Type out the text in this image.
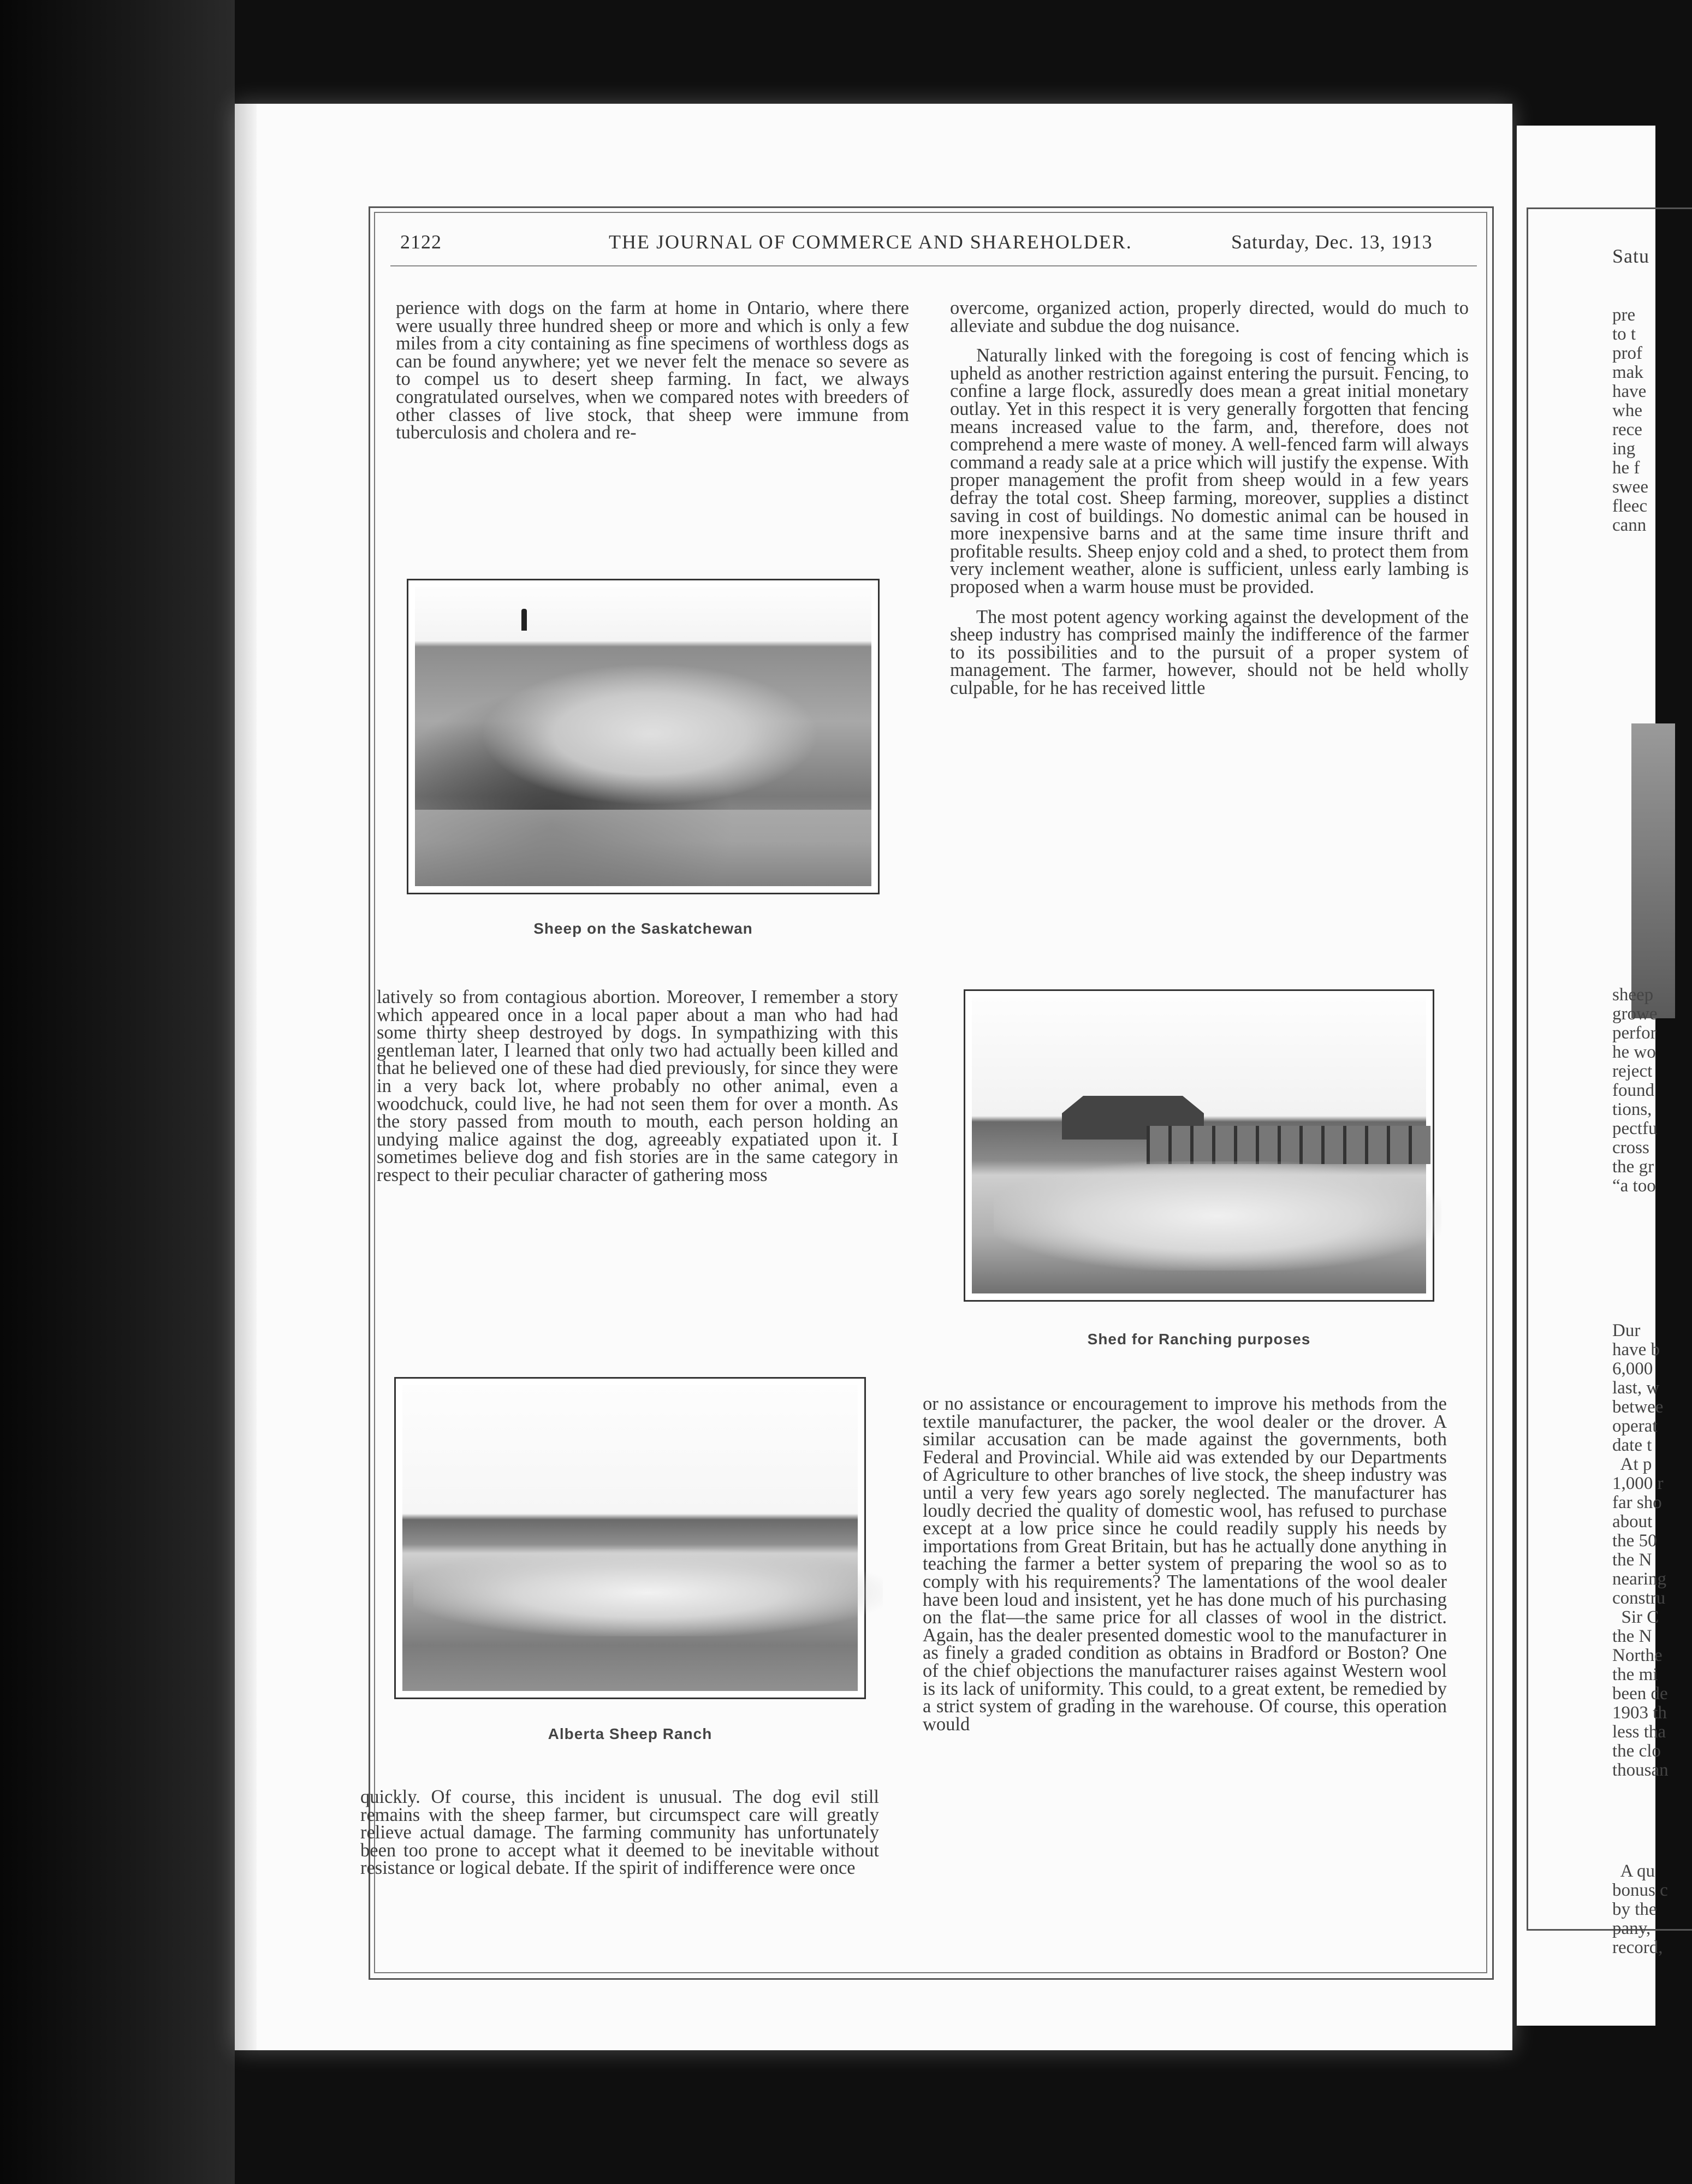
Satu
pre
to t
prof
mak
have
whe
rece
ing
he f
swee
fleec
cann
sheep
growe
perfor
he wo
reject
found
tions,
pectfu
cross
the gr
“a too
Dur
have b
6,000
last, w
betwee
operat
date t
At p
1,000 r
far sho
about
the 50
the N
nearing
constru
Sir C
the N
Northe
the mi
been de
1903 th
less tha
the clo
thousan
A qu
bonus c
by the
pany,
record,
2122	THE JOURNAL OF COMMERCE AND SHAREHOLDER.	Saturday, Dec. 13, 1913

perience with dogs on the farm at home in Ontario, where there were usually three hundred sheep or more and which is only a few miles from a city containing as fine specimens of worthless dogs as can be found anywhere; yet we never felt the menace so severe as to compel us to desert sheep farming. In fact, we always congratulated ourselves, when we compared notes with breeders of other classes of live stock, that sheep were immune from tuberculosis and cholera and re-

Sheep on the Saskatchewan

latively so from contagious abortion. Moreover, I remember a story which appeared once in a local paper about a man who had had some thirty sheep destroyed by dogs. In sympathizing with this gentleman later, I learned that only two had actually been killed and that he believed one of these had died previously, for since they were in a very back lot, where probably no other animal, even a woodchuck, could live, he had not seen them for over a month. As the story passed from mouth to mouth, each person holding an undying malice against the dog, agreeably expatiated upon it. I sometimes believe dog and fish stories are in the same category in respect to their peculiar character of gathering moss

Alberta Sheep Ranch

quickly. Of course, this incident is unusual. The dog evil still remains with the sheep farmer, but circumspect care will greatly relieve actual damage. The farming community has unfortunately been too prone to accept what it deemed to be inevitable without resistance or logical debate. If the spirit of indifference were once

overcome, organized action, properly directed, would do much to alleviate and subdue the dog nuisance.

Naturally linked with the foregoing is cost of fencing which is upheld as another restriction against entering the pursuit. Fencing, to confine a large flock, assuredly does mean a great initial monetary outlay. Yet in this respect it is very generally forgotten that fencing means increased value to the farm, and, therefore, does not comprehend a mere waste of money. A well-fenced farm will always command a ready sale at a price which will justify the expense. With proper management the profit from sheep would in a few years defray the total cost. Sheep farming, moreover, supplies a distinct saving in cost of buildings. No domestic animal can be housed in more inexpensive barns and at the same time insure thrift and profitable results. Sheep enjoy cold and a shed, to protect them from very inclement weather, alone is sufficient, unless early lambing is proposed when a warm house must be provided.

The most potent agency working against the development of the sheep industry has comprised mainly the indifference of the farmer to its possibilities and to the pursuit of a proper system of management. The farmer, however, should not be held wholly culpable, for he has received little

Shed for Ranching purposes

or no assistance or encouragement to improve his methods from the textile manufacturer, the packer, the wool dealer or the drover. A similar accusation can be made against the governments, both Federal and Provincial. While aid was extended by our Departments of Agriculture to other branches of live stock, the sheep industry was until a very few years ago sorely neglected. The manufacturer has loudly decried the quality of domestic wool, has refused to purchase except at a low price since he could readily supply his needs by importations from Great Britain, but has he actually done anything in teaching the farmer a better system of preparing the wool so as to comply with his requirements? The lamentations of the wool dealer have been loud and insistent, yet he has done much of his purchasing on the flat—the same price for all classes of wool in the district. Again, has the dealer presented domestic wool to the manufacturer in as finely a graded condition as obtains in Bradford or Boston? One of the chief objections the manufacturer raises against Western wool is its lack of uniformity. This could, to a great extent, be remedied by a strict system of grading in the warehouse. Of course, this operation would
